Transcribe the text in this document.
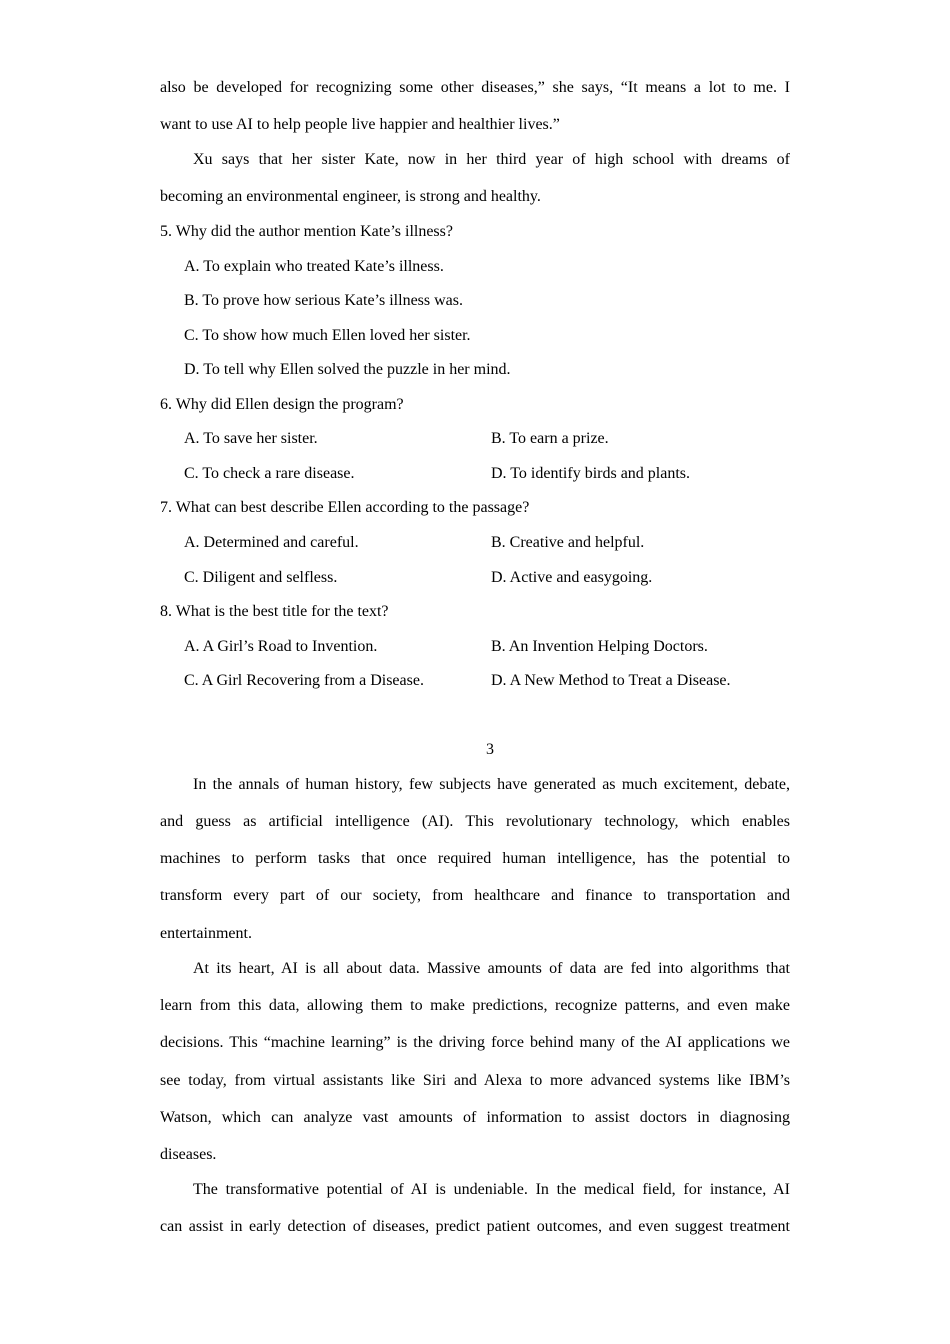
also be developed for recognizing some other diseases,” she says, “It means a lot to me. I
want to use AI to help people live happier and healthier lives.”
Xu says that her sister Kate, now in her third year of high school with dreams of
becoming an environmental engineer, is strong and healthy.
5. Why did the author mention Kate’s illness?
A. To explain who treated Kate’s illness.
B. To prove how serious Kate’s illness was.
C. To show how much Ellen loved her sister.
D. To tell why Ellen solved the puzzle in her mind.
6. Why did Ellen design the program?
A. To save her sister.	B. To earn a prize.
C. To check a rare disease.	D. To identify birds and plants.
7. What can best describe Ellen according to the passage?
A. Determined and careful.	B. Creative and helpful.
C. Diligent and selfless.	D. Active and easygoing.
8. What is the best title for the text?
A. A Girl’s Road to Invention.	B. An Invention Helping Doctors.
C. A Girl Recovering from a Disease.	D. A New Method to Treat a Disease.
3
In the annals of human history, few subjects have generated as much excitement, debate,
and guess as artificial intelligence (AI). This revolutionary technology, which enables
machines to perform tasks that once required human intelligence, has the potential to
transform every part of our society, from healthcare and finance to transportation and
entertainment.
At its heart, AI is all about data. Massive amounts of data are fed into algorithms that
learn from this data, allowing them to make predictions, recognize patterns, and even make
decisions. This “machine learning” is the driving force behind many of the AI applications we
see today, from virtual assistants like Siri and Alexa to more advanced systems like IBM’s
Watson, which can analyze vast amounts of information to assist doctors in diagnosing
diseases.
The transformative potential of AI is undeniable. In the medical field, for instance, AI
can assist in early detection of diseases, predict patient outcomes, and even suggest treatment
